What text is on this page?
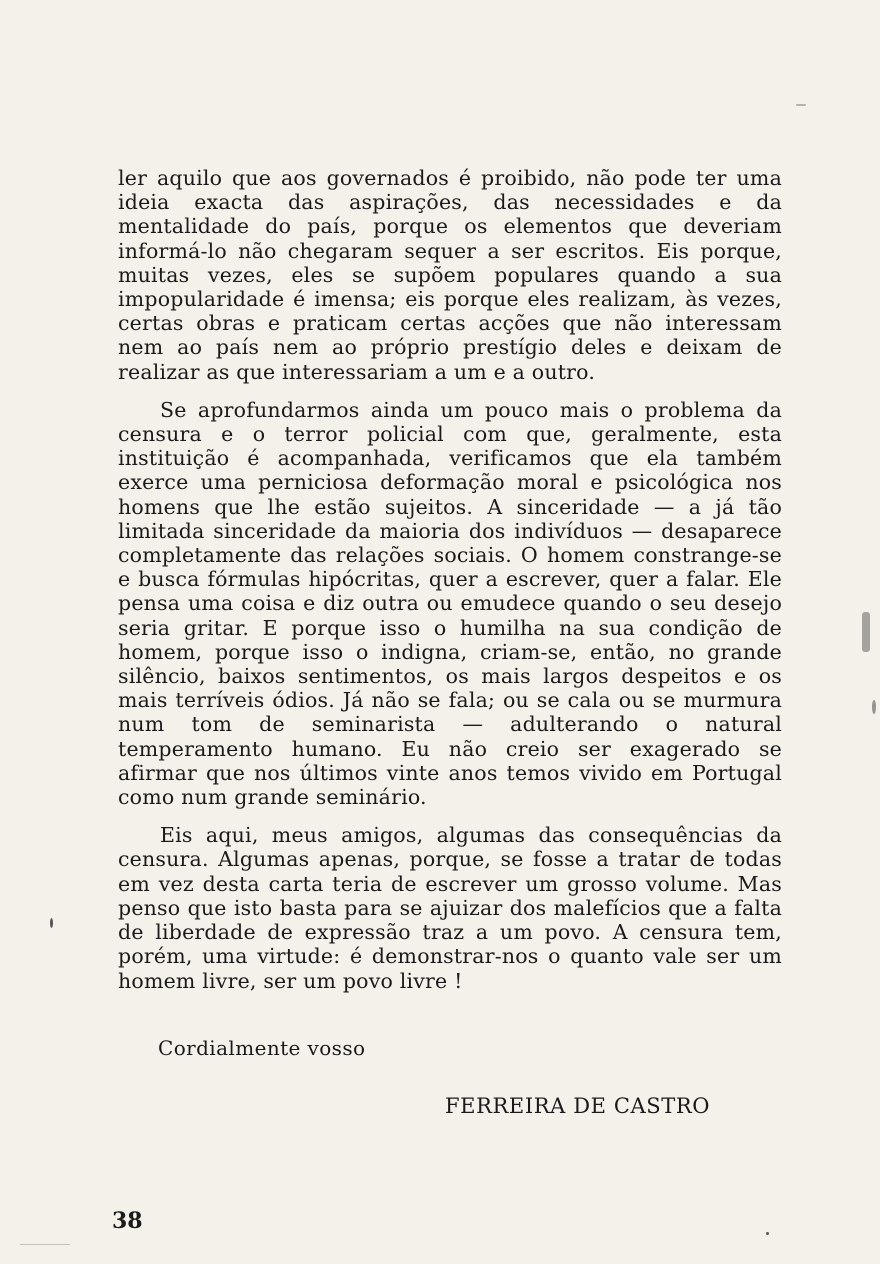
ler aquilo que aos governados é proibido, não pode ter uma ideia exacta das aspirações, das necessidades e da mentalidade do país, porque os elementos que deveriam informá-lo não chegaram sequer a ser escritos. Eis porque, muitas vezes, eles se supõem populares quando a sua impopularidade é imensa; eis porque eles realizam, às vezes, certas obras e praticam certas acções que não interessam nem ao país nem ao próprio prestígio deles e deixam de realizar as que interessariam a um e a outro.

Se aprofundarmos ainda um pouco mais o problema da censura e o terror policial com que, geralmente, esta instituição é acompanhada, verificamos que ela também exerce uma perniciosa deformação moral e psicológica nos homens que lhe estão sujeitos. A sinceridade — a já tão limitada sinceridade da maioria dos indivíduos — desaparece completamente das relações sociais. O homem constrange-se e busca fórmulas hipócritas, quer a escrever, quer a falar. Ele pensa uma coisa e diz outra ou emudece quando o seu desejo seria gritar. E porque isso o humilha na sua condição de homem, porque isso o indigna, criam-se, então, no grande silêncio, baixos sentimentos, os mais largos despeitos e os mais terríveis ódios. Já não se fala; ou se cala ou se murmura num tom de seminarista — adulterando o natural temperamento humano. Eu não creio ser exagerado se afirmar que nos últimos vinte anos temos vivido em Portugal como num grande seminário.

Eis aqui, meus amigos, algumas das consequências da censura. Algumas apenas, porque, se fosse a tratar de todas em vez desta carta teria de escrever um grosso volume. Mas penso que isto basta para se ajuizar dos malefícios que a falta de liberdade de expressão traz a um povo. A censura tem, porém, uma virtude: é demonstrar-nos o quanto vale ser um homem livre, ser um povo livre !

Cordialmente vosso
FERREIRA DE CASTRO
38
